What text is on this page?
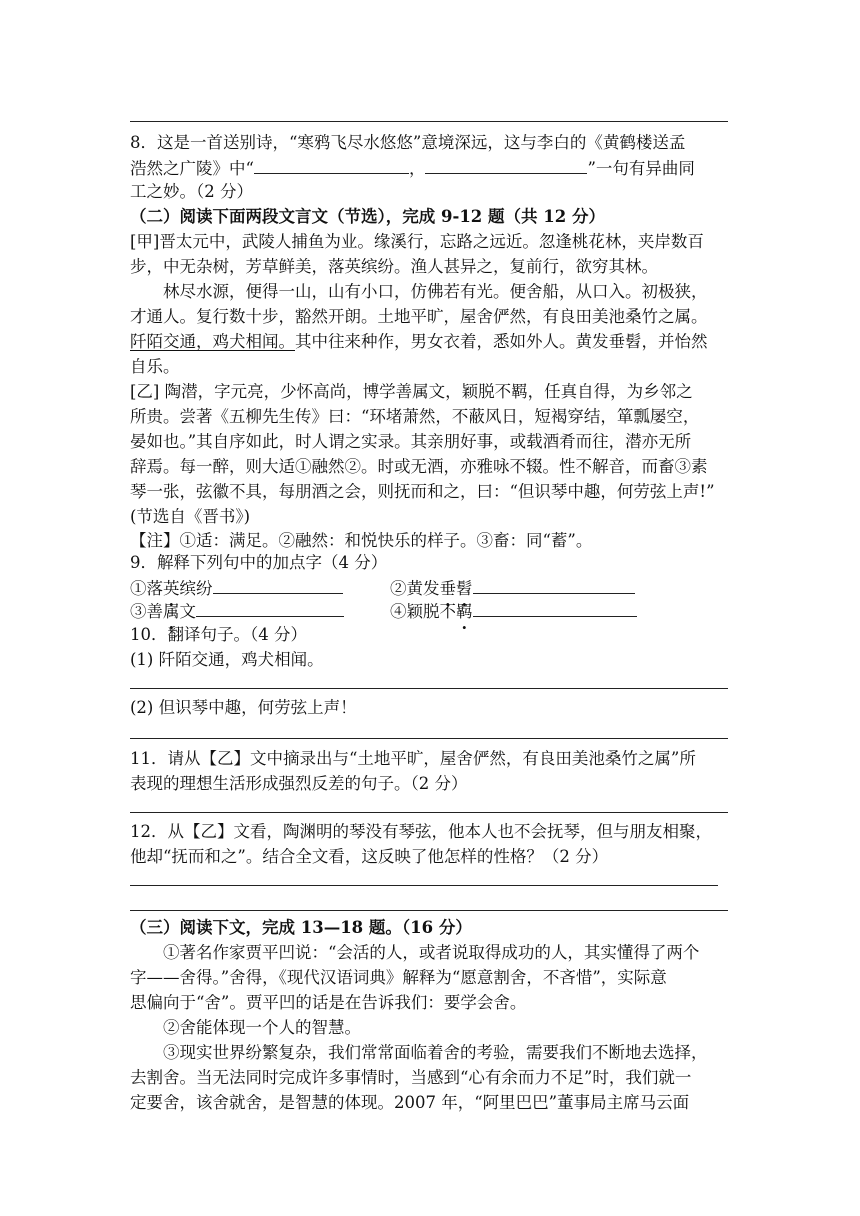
8．这是一首送别诗，“寒鸦飞尽水悠悠”意境深远，这与李白的《黄鹤楼送孟
浩然之广陵》中“	，	”一句有异曲同
工之妙。（2 分）
（二）阅读下面两段文言文（节选），完成 9-12 题（共 12 分）
[甲]晋太元中，武陵人捕鱼为业。缘溪行，忘路之远近。忽逢桃花林，夹岸数百
步，中无杂树，芳草鲜美，落英缤纷。渔人甚异之，复前行，欲穷其林。
林尽水源，便得一山，山有小口，仿佛若有光。便舍船，从口入。初极狭，
才通人。复行数十步，豁然开朗。土地平旷，屋舍俨然，有良田美池桑竹之属。
阡陌交通，鸡犬相闻。其中往来种作，男女衣着，悉如外人。黄发垂髫，并怡然
自乐。
[乙] 陶潜，字元亮，少怀高尚，博学善属文，颖脱不羁，任真自得，为乡邻之
所贵。尝著《五柳先生传》曰：“环堵萧然，不蔽风日，短褐穿结，箪瓢屡空，
晏如也。”其自序如此，时人谓之实录。其亲朋好事，或载酒肴而往，潜亦无所
辞焉。每一醉，则大适①融然②。时或无酒，亦雅咏不辍。性不解音，而畜③素
琴一张，弦徽不具，每朋酒之会，则抚而和之，曰：“但识琴中趣，何劳弦上声!”
(节选自《晋书》)
【注】①适：满足。②融然：和悦快乐的样子。③畜：同“蓄”。
9．解释下列句中的加点字（4 分）
①落英缤纷	②黄发垂髫
③善属文	④颖脱不羁
10．翻译句子。（4 分）
(1) 阡陌交通，鸡犬相闻。
(2) 但识琴中趣，何劳弦上声！
11．请从【乙】文中摘录出与“土地平旷，屋舍俨然，有良田美池桑竹之属”所
表现的理想生活形成强烈反差的句子。（2 分）
12．从【乙】文看，陶渊明的琴没有琴弦，他本人也不会抚琴，但与朋友相聚，
他却“抚而和之”。结合全文看，这反映了他怎样的性格？（2 分）
（三）阅读下文，完成 13—18 题。（16 分）
①著名作家贾平凹说：“会活的人，或者说取得成功的人，其实懂得了两个
字——舍得。”舍得，《现代汉语词典》解释为“愿意割舍，不吝惜”，实际意
思偏向于“舍”。贾平凹的话是在告诉我们：要学会舍。
②舍能体现一个人的智慧。
③现实世界纷繁复杂，我们常常面临着舍的考验，需要我们不断地去选择，
去割舍。当无法同时完成许多事情时，当感到“心有余而力不足”时，我们就一
定要舍，该舍就舍，是智慧的体现。2007 年，“阿里巴巴”董事局主席马云面
